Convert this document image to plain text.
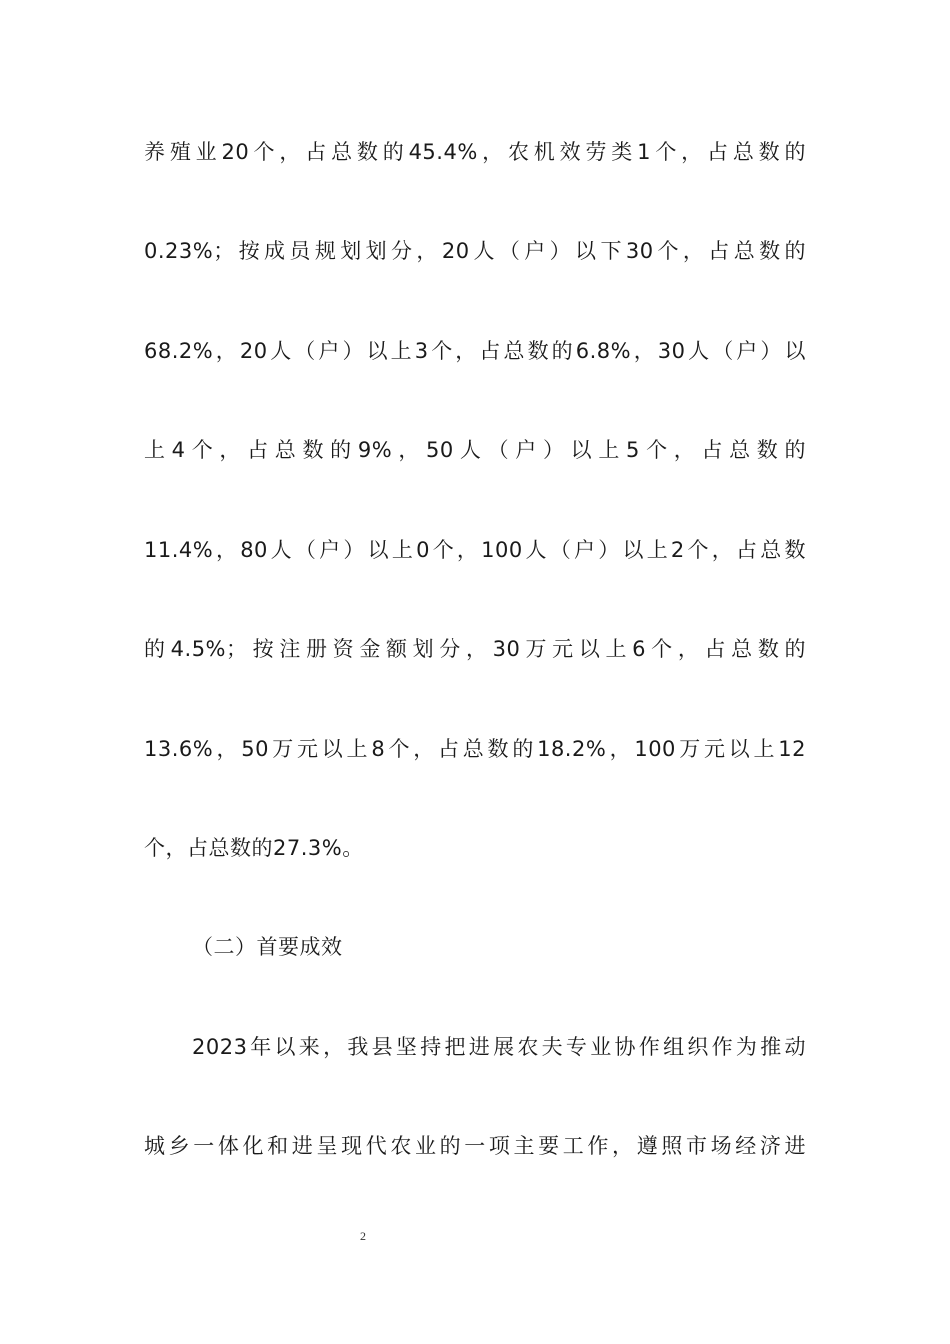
养殖业20个，占总数的45.4%，农机效劳类1个，占总数的
0.23%；按成员规划划分，20人（户）以下30个，占总数的
68.2%，20人（户）以上3个，占总数的6.8%，30人（户）以
上4个，占总数的9%，50人（户）以上5个，占总数的
11.4%，80人（户）以上0个，100人（户）以上2个，占总数
的4.5%；按注册资金额划分，30万元以上6个，占总数的
13.6%，50万元以上8个，占总数的18.2%，100万元以上12
个，占总数的27.3%。
（二）首要成效
2023年以来，我县坚持把进展农夫专业协作组织作为推动
城乡一体化和进呈现代农业的一项主要工作，遵照市场经济进
2
